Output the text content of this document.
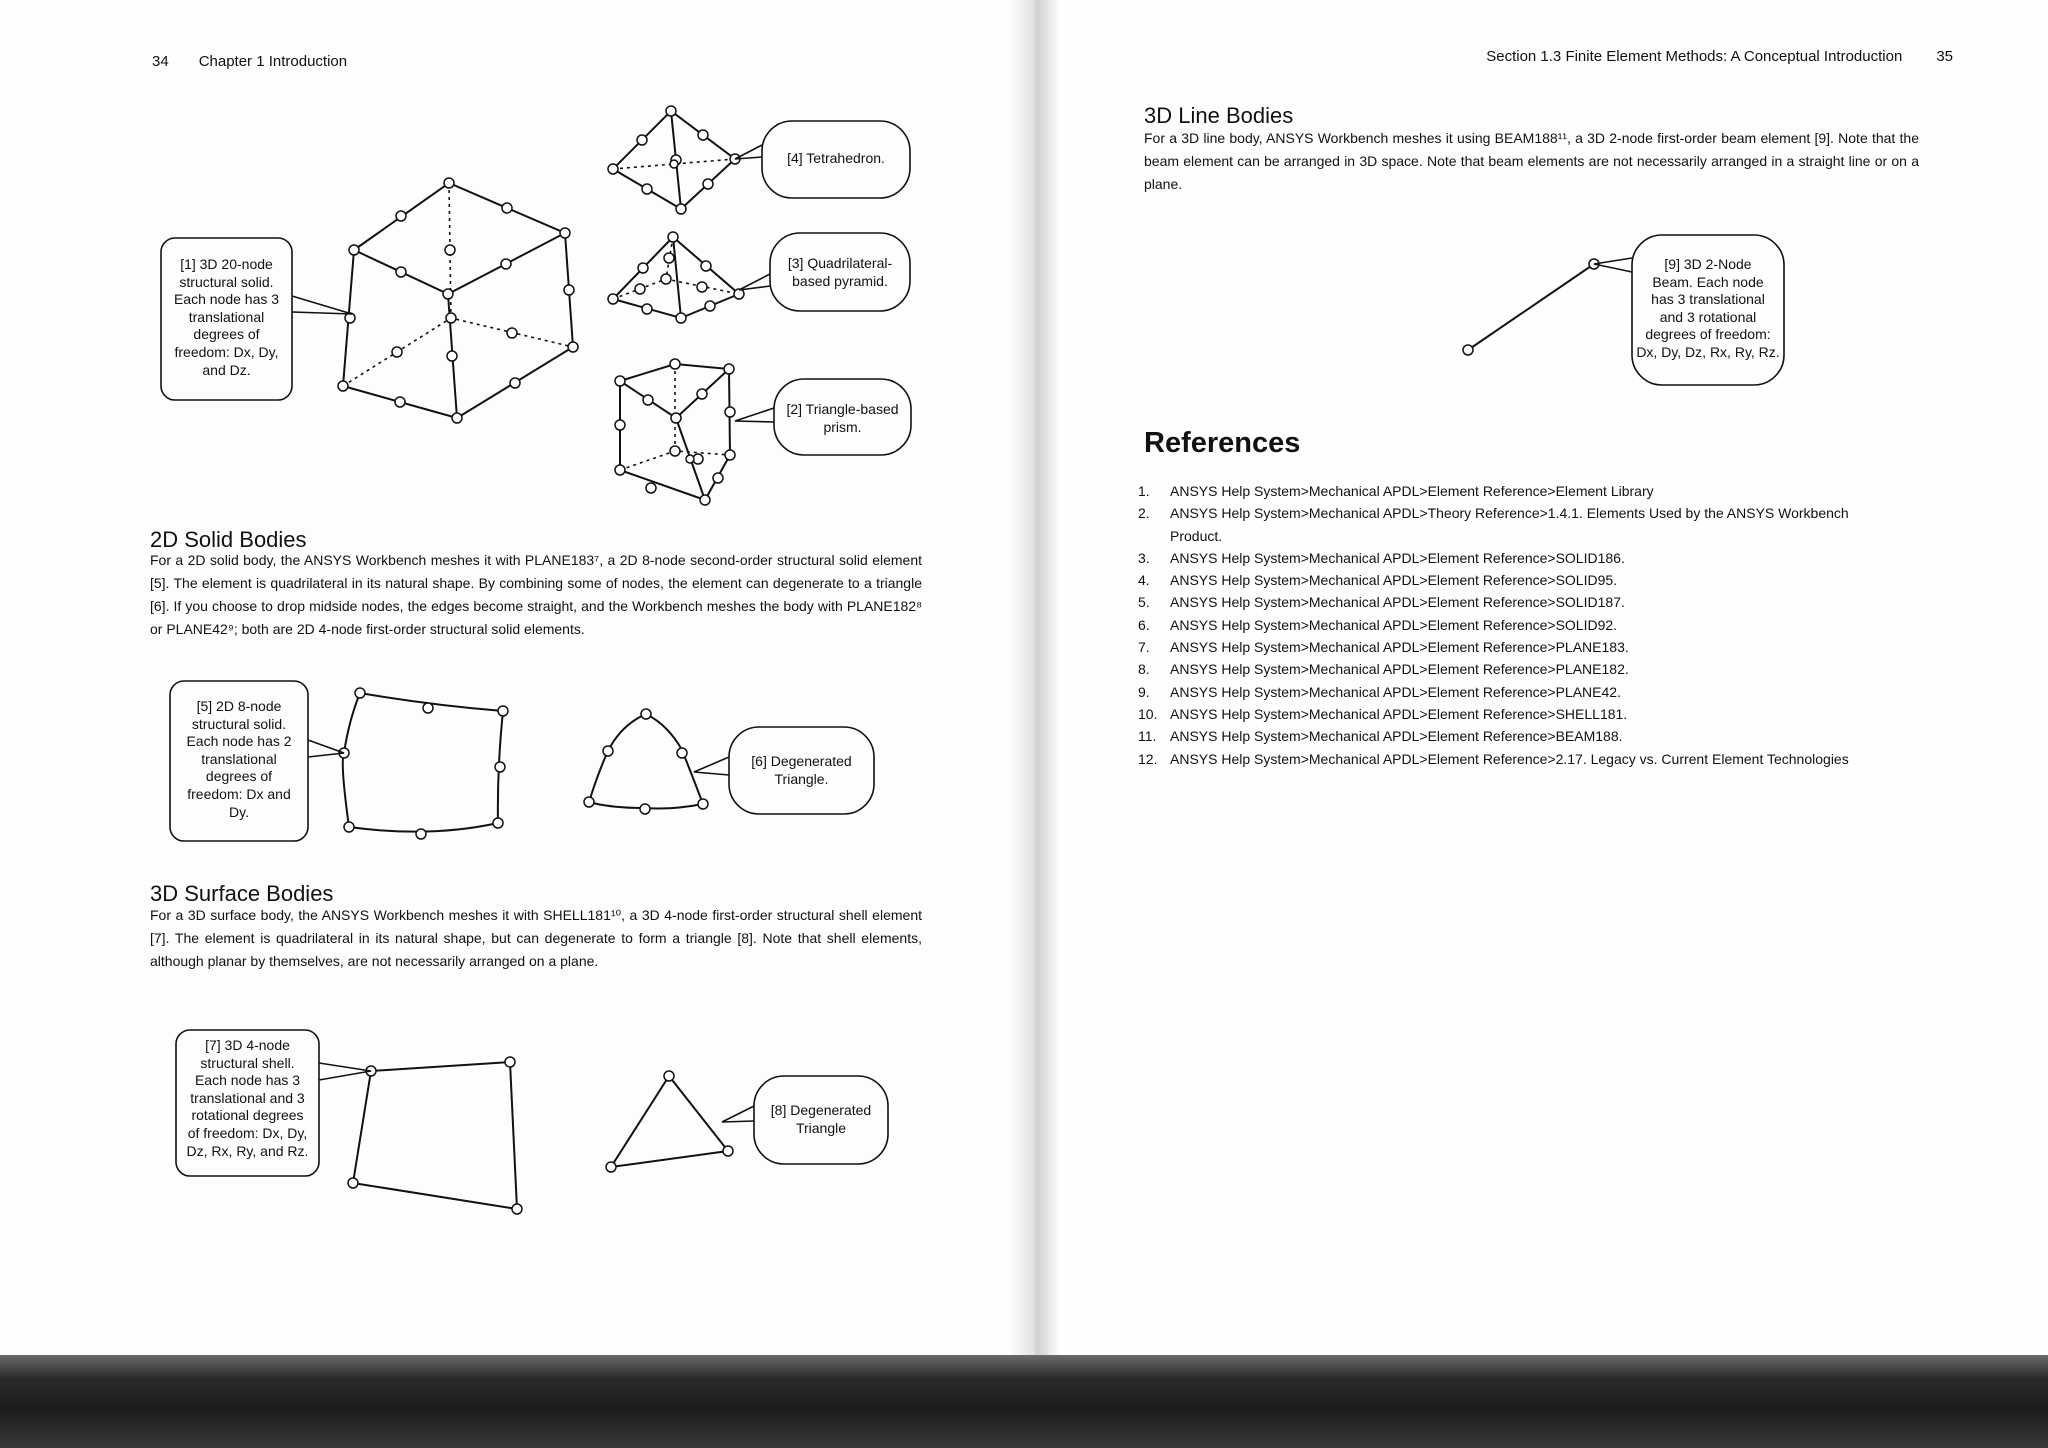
34 Chapter 1 Introduction	Section 1.3 Finite Element Methods: A Conceptual Introduction 35
[1] 3D 20-node
structural solid.
Each node has 3
translational
degrees of
freedom: Dx, Dy,
and Dz.
[4] Tetrahedron.
[3] Quadrilateral-
based pyramid.
[2] Triangle-based
prism.
[5] 2D 8-node
structural solid.
Each node has 2
translational
degrees of
freedom: Dx and
Dy.
[6] Degenerated
Triangle.
[7] 3D 4-node
structural shell.
Each node has 3
translational and 3
rotational degrees
of freedom: Dx, Dy,
Dz, Rx, Ry, and Rz.
[8] Degenerated
Triangle
[9] 3D 2-Node
Beam. Each node
has 3 translational
and 3 rotational
degrees of freedom:
Dx, Dy, Dz, Rx, Ry, Rz.
2D Solid Bodies

For a 2D solid body, the ANSYS Workbench meshes it with PLANE183⁷, a 2D 8-node second-order structural solid element [5]. The element is quadrilateral in its natural shape. By combining some of nodes, the element can degenerate to a triangle [6]. If you choose to drop midside nodes, the edges become straight, and the Workbench meshes the body with PLANE182⁸ or PLANE42⁹; both are 2D 4-node first-order structural solid elements.

3D Surface Bodies

For a 3D surface body, the ANSYS Workbench meshes it with SHELL181¹⁰, a 3D 4-node first-order structural shell element [7]. The element is quadrilateral in its natural shape, but can degenerate to form a triangle [8]. Note that shell elements, although planar by themselves, are not necessarily arranged on a plane.

3D Line Bodies

For a 3D line body, ANSYS Workbench meshes it using BEAM188¹¹, a 3D 2-node first-order beam element [9]. Note that the beam element can be arranged in 3D space. Note that beam elements are not necessarily arranged in a straight line or on a plane.

References
1.	ANSYS Help System>Mechanical APDL>Element Reference>Element Library
2.	ANSYS Help System>Mechanical APDL>Theory Reference>1.4.1. Elements Used by the ANSYS Workbench Product.
3.	ANSYS Help System>Mechanical APDL>Element Reference>SOLID186.
4.	ANSYS Help System>Mechanical APDL>Element Reference>SOLID95.
5.	ANSYS Help System>Mechanical APDL>Element Reference>SOLID187.
6.	ANSYS Help System>Mechanical APDL>Element Reference>SOLID92.
7.	ANSYS Help System>Mechanical APDL>Element Reference>PLANE183.
8.	ANSYS Help System>Mechanical APDL>Element Reference>PLANE182.
9.	ANSYS Help System>Mechanical APDL>Element Reference>PLANE42.
10. ANSYS Help System>Mechanical APDL>Element Reference>SHELL181.
11. ANSYS Help System>Mechanical APDL>Element Reference>BEAM188.
12. ANSYS Help System>Mechanical APDL>Element Reference>2.17. Legacy vs. Current Element Technologies
